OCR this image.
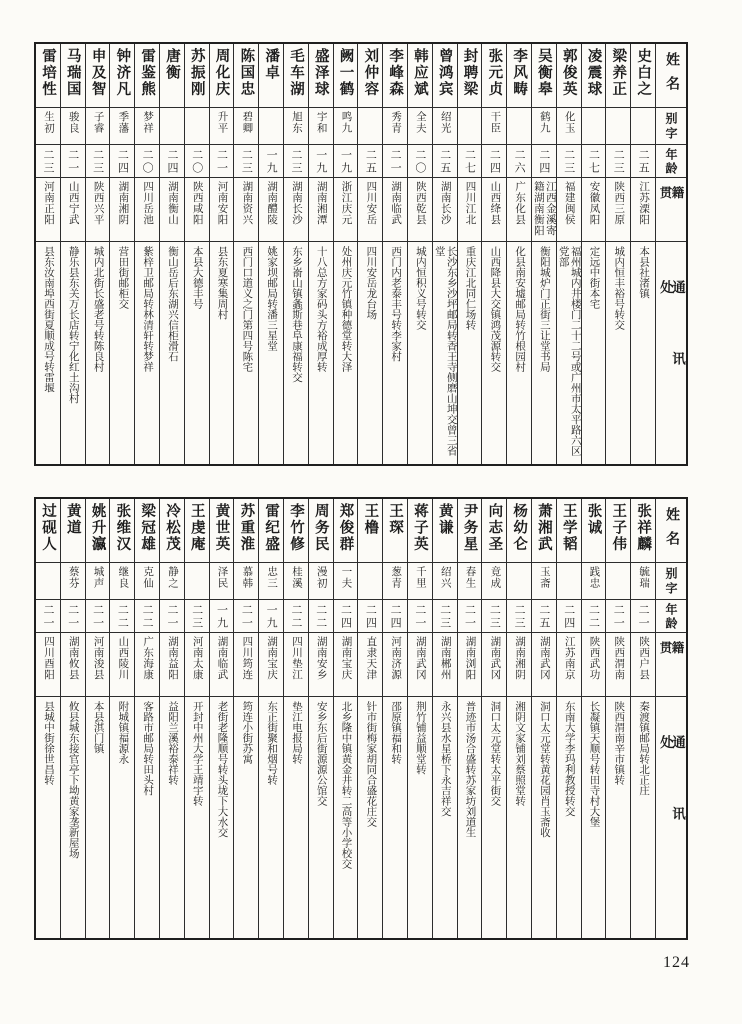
姓名
别字
年龄
籍贯
通讯处
史白之
二五
江苏溧阳
本县社渚镇
梁养正
二三
陕西三原
城内恒丰裕号转交
凌震球
二七
安徽凤阳
定远中街本宅
郭俊英
化玉
二三
福建闽侯
福州城内井楼门二十二号或广州市太平路六区党部
吴衡皋
鹤九
二四
江西金溪寄籍湖南衡阳
衡阳城炉门正街三让堂书局
李风畴
二六
广东化县
化县南安墟邮局转竹根园村
张元贞
干臣
二四
山西绛县
山西降县大交镇鸿茂源转交
封聘梁
二七
四川江北
重庆江北同仁场转
曾鸿宾
绍光
二五
湖南长沙
长沙东乡沙坪邮局转香王寺侧磨山坤交曾三省堂
韩应斌
全夫
二〇
陕西乾县
城内恒积义号转交
李峰森
秀青
二一
湖南临武
西门内老泰丰号转李家村
刘仲容
二五
四川安岳
四川安岳龙台场
阙一鹤
鸣九
一九
浙江庆元
处州庆元竹镇种德堂转大泽
盛泽球
宇和
一九
湖南湘潭
十八总方家码头方裕成厚转
毛车湖
旭东
二三
湖南长沙
东乡嵛山镇螽斯巷阜康福转交
潘卓
一九
湖南醴陵
姚家坝邮局转潘三星堂
陈国忠
碧卿
二三
湖南资兴
西门口道义之门第四号陈宅
周化庆
升平
二一
河南安阳
县东夏寒集周村
苏振刚
二〇
陕西咸阳
本县大德丰号
唐衡
二四
湖南衡山
衡山岳后东湖兴信柜滑石
雷鉴熊
梦祥
二〇
四川岳池
紫梓卫邮局转林清轩转梦祥
钟济凡
季藩
二四
湖南湘阴
营田街邮柜交
申及智
子睿
二三
陕西兴平
城内北街长盛老号转陈良村
马瑞国
骏良
二一
山西宁武
静乐县东关万长店转宁化红土沟村
雷培性
生初
二三
河南正阳
县东汝南埠西街夏顺成号转雷堰
姓名
别字
年龄
籍贯
通讯处
张祥麟
毓瑞
二一
陕西户县
秦渡镇邮局转北正庄
王子伟
二一
陕西渭南
陕西渭南辛市镇转
张诚
践忠
二二
陕西武功
长凝镇天顺号转田寺村大堡
王学韬
二四
江苏南京
东南大学李玛利教授转交
萧湘武
玉斋
二五
湖南武冈
洞口太元堂转黄花园肖玉斋收
杨幼仑
二三
湖南湘阴
湘阴文家铺刘蔡照堂转
向志圣
竟成
二三
湖南武冈
洞口太元堂转太平街交
尹务星
春生
二一
湖南浏阳
普迹市汤合盛转苏家坊刘道生
黄谦
绍兴
二三
湖南郴州
永兴县水星桥下永吉祥交
蒋子英
千里
二一
湖南武冈
荆竹铺益顺堂转
王琛
葱青
二四
河南济源
邵原镇福和转
王橹
二四
直隶天津
针市街梅家胡同合盛花庄交
郑俊群
一夫
二四
湖南宝庆
北乡隆中镇黄金井转二高等小学校交
周务民
漫初
二二
湖南安乡
安乡东后街源源公馆交
李竹修
桂溪
二二
四川垫江
垫江电报局转
雷纪盛
忠三
一九
湖南宝庆
东正街聚和烟号转
苏重淮
慕韩
二一
四川筠连
筠连小街苏寓
黄世英
泽民
一九
湖南临武
老街老隆顺号转头垅下大水交
王虔庵
二三
河南太康
开封中州大学王靖宇转
冷松茂
静之
二一
湖南益阳
益阳兰溪裕泰祥转
梁冠雄
克仙
二二
广东海康
客路市邮局转田头村
张维汉
继良
二二
山西陵川
附城镇福源永
姚升瀛
城声
二一
河南浚县
本县淇门镇
黄道
蔡芬
二一
湖南攸县
攸县城东接官亭下坳黄家垄新屋场
过砚人
二一
四川酉阳
县城中街徐世昌转
124
